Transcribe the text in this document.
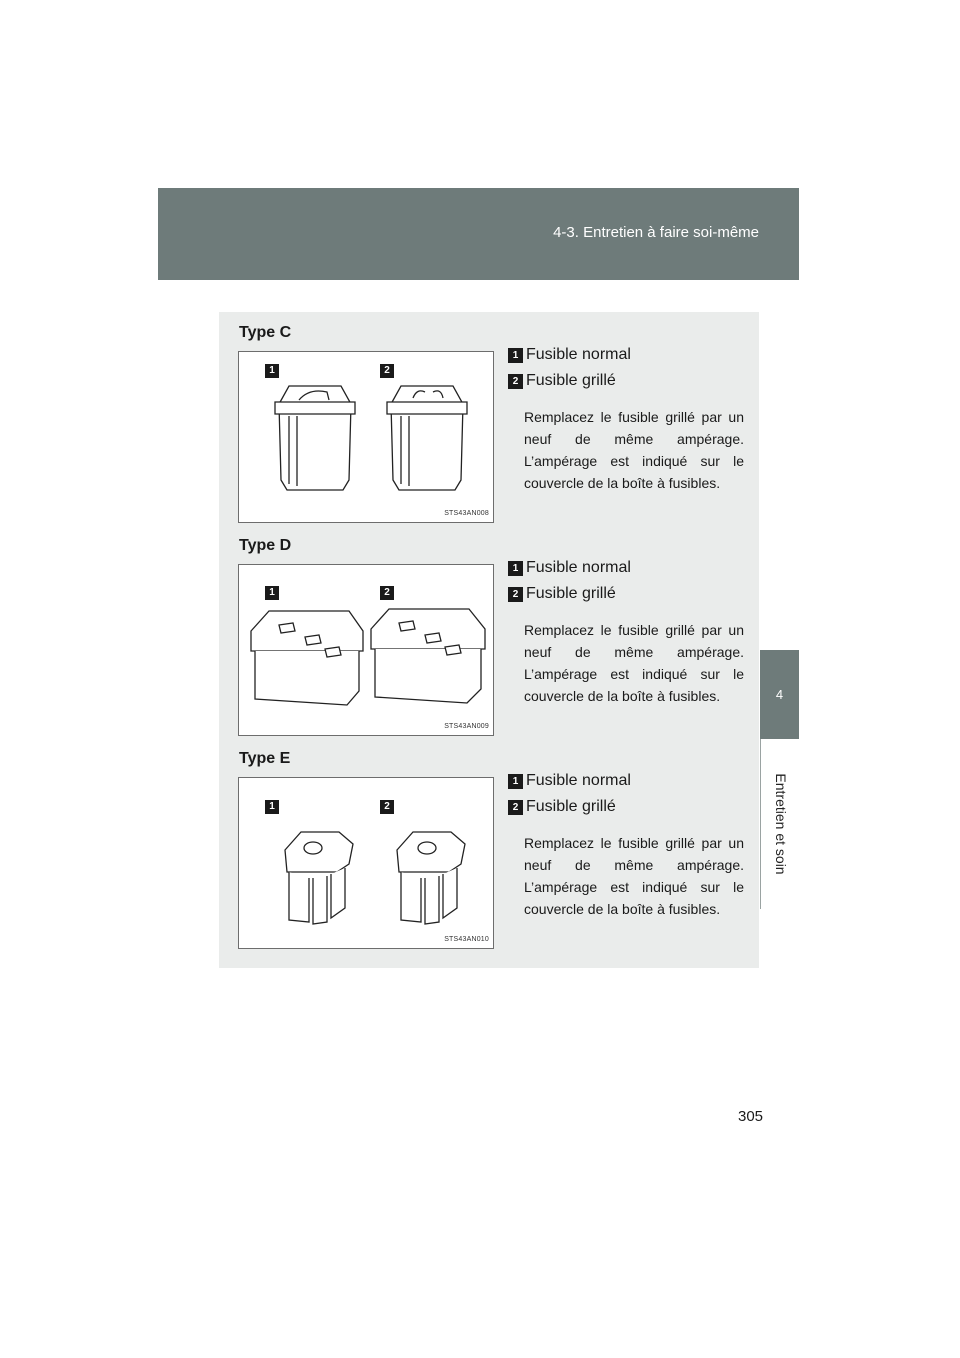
4-3. Entretien à faire soi-même
4
Entretien et soin
Type C
1	2
STS43AN008
1 Fusible normal
2 Fusible grillé
Remplacez le fusible grillé par un neuf de même ampérage. L’ampérage est indiqué sur le couvercle de la boîte à fusibles.
Type D
1	2
STS43AN009
1 Fusible normal
2 Fusible grillé
Remplacez le fusible grillé par un neuf de même ampérage. L’ampérage est indiqué sur le couvercle de la boîte à fusibles.
Type E
1	2
STS43AN010
1 Fusible normal
2 Fusible grillé
Remplacez le fusible grillé par un neuf de même ampérage. L’ampérage est indiqué sur le couvercle de la boîte à fusibles.
305
